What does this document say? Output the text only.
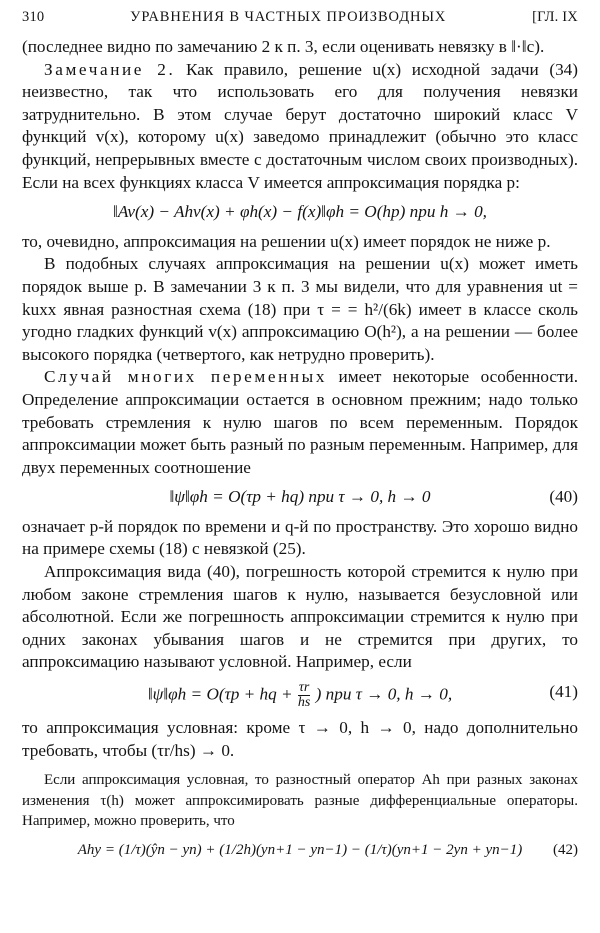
310	УРАВНЕНИЯ В ЧАСТНЫХ ПРОИЗВОДНЫХ	[ГЛ. IX

(последнее видно по замечанию 2 к п. 3, если оценивать невязку в ‖·‖c).

Замечание 2. Как правило, решение u(x) исходной задачи (34) неизвестно, так что использовать его для получения невязки затруднительно. В этом случае берут достаточно широкий класс V функций v(x), которому u(x) заведомо принадлежит (обычно это класс функций, непрерывных вместе с достаточным числом своих производных). Если на всех функциях класса V имеется аппроксимация порядка p:

‖Av(x) − Ahv(x) + φh(x) − f(x)‖φh = O(hp) при h → 0,

то, очевидно, аппроксимация на решении u(x) имеет порядок не ниже p.

В подобных случаях аппроксимация на решении u(x) может иметь порядок выше p. В замечании 3 к п. 3 мы видели, что для уравнения ut = kuxx явная разностная схема (18) при τ = = h²/(6k) имеет в классе сколь угодно гладких функций v(x) аппроксимацию O(h²), а на решении — более высокого порядка (четвертого, как нетрудно проверить).

Случай многих переменных имеет некоторые особенности. Определение аппроксимации остается в основном прежним; надо только требовать стремления к нулю шагов по всем переменным. Порядок аппроксимации может быть разный по разным переменным. Например, для двух переменных соотношение

‖ψ‖φh = O(τp + hq) при τ → 0, h → 0	(40)

означает p-й порядок по времени и q-й по пространству. Это хорошо видно на примере схемы (18) с невязкой (25).

Аппроксимация вида (40), погрешность которой стремится к нулю при любом законе стремления шагов к нулю, называется безусловной или абсолютной. Если же погрешность аппроксимации стремится к нулю при одних законах убывания шагов и не стремится при других, то аппроксимацию называют условной. Например, если

‖ψ‖φh = O(τp + hq + $\frac{\tau r}{hs}$ ) при τ → 0, h → 0,	(41)

то аппроксимация условная: кроме τ → 0, h → 0, надо дополнительно требовать, чтобы (τr/hs) → 0.

Если аппроксимация условная, то разностный оператор Ah при разных законах изменения τ(h) может аппроксимировать разные дифференциальные операторы. Например, можно проверить, что

Ahy = (1/τ)(ŷn − yn) + (1/2h)(yn+1 − yn−1) − (1/τ)(yn+1 − 2yn + yn−1) (42)
